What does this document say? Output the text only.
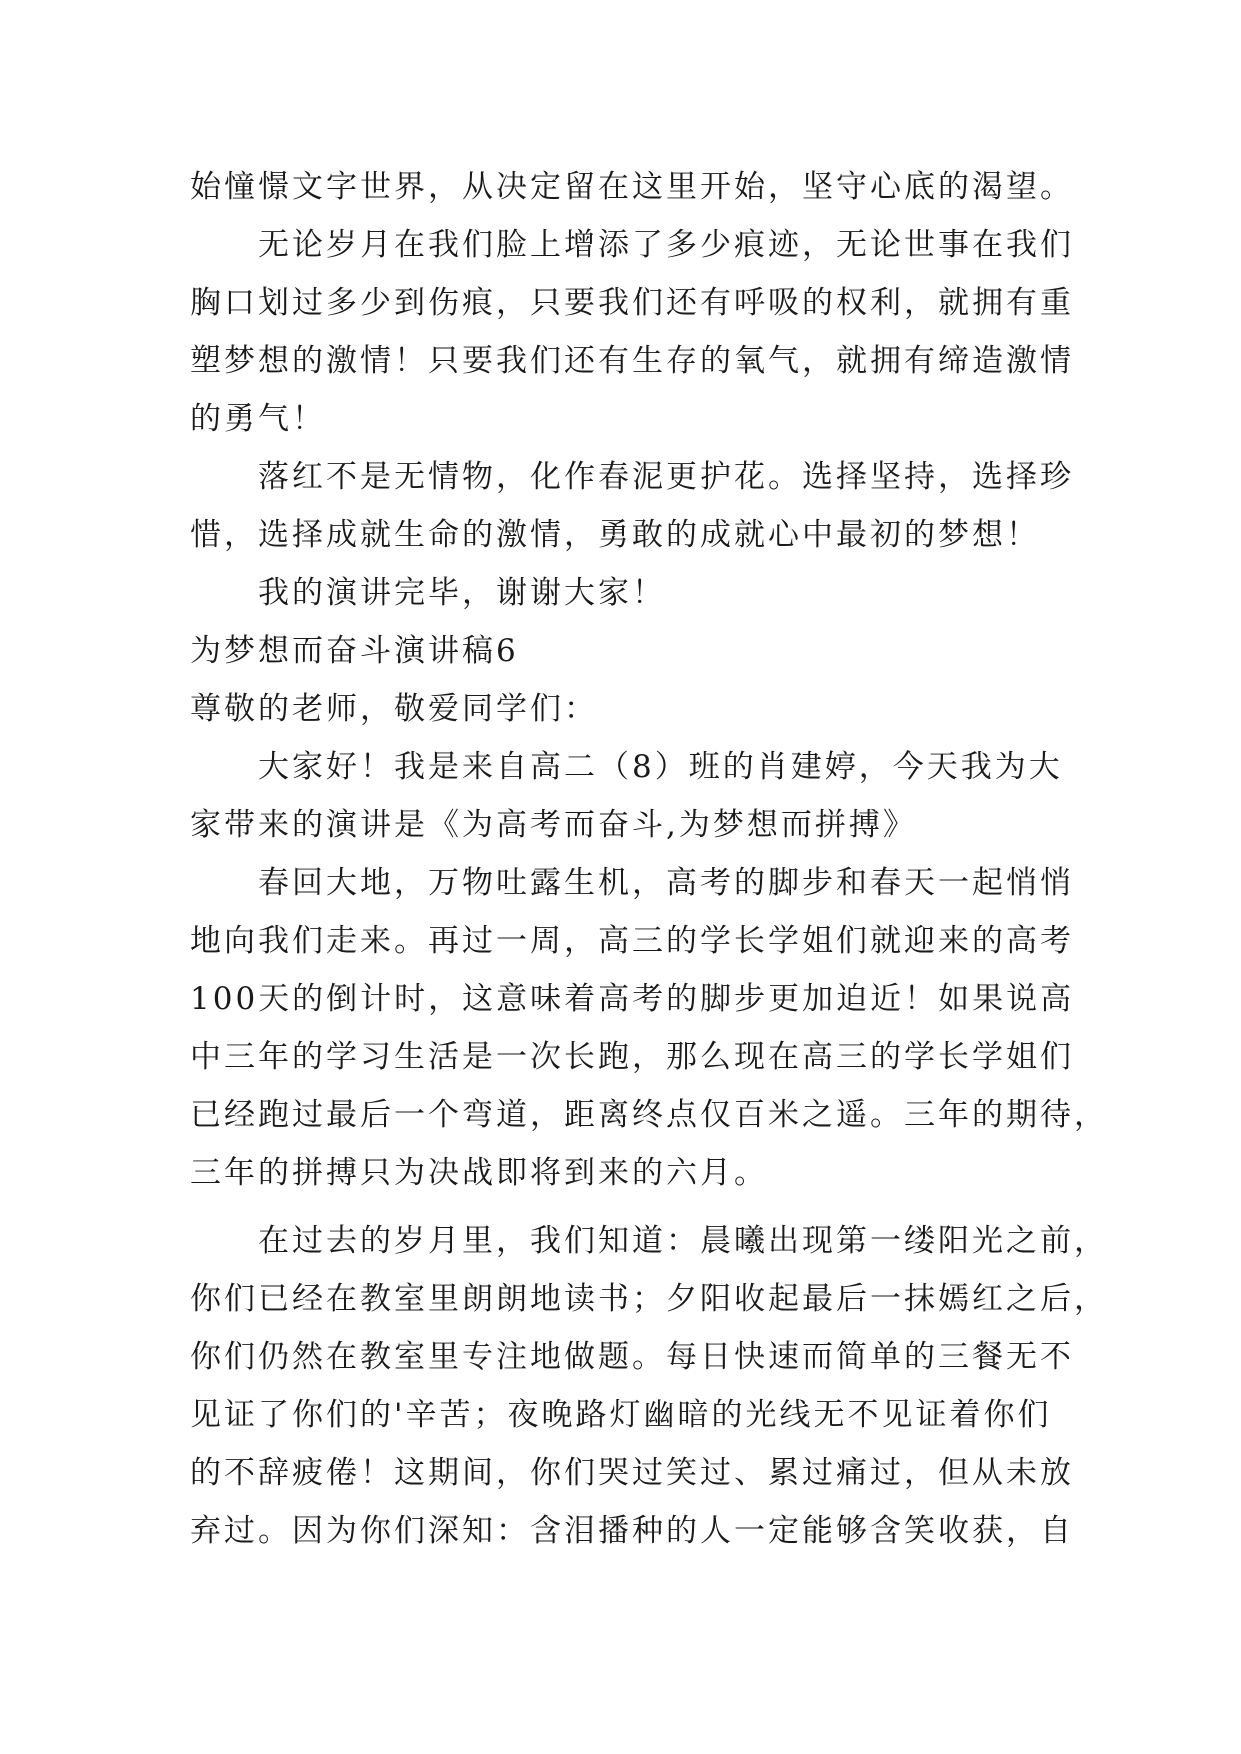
始憧憬文字世界，从决定留在这里开始，坚守心底的渴望。
无论岁月在我们脸上增添了多少痕迹，无论世事在我们
胸口划过多少到伤痕，只要我们还有呼吸的权利，就拥有重
塑梦想的激情！只要我们还有生存的氧气，就拥有缔造激情
的勇气！
落红不是无情物，化作春泥更护花。选择坚持，选择珍
惜，选择成就生命的激情，勇敢的成就心中最初的梦想！
我的演讲完毕，谢谢大家！
为梦想而奋斗演讲稿6
尊敬的老师，敬爱同学们：
大家好！我是来自高二（8）班的肖建婷，今天我为大
家带来的演讲是《为高考而奋斗,为梦想而拼搏》
春回大地，万物吐露生机，高考的脚步和春天一起悄悄
地向我们走来。再过一周，高三的学长学姐们就迎来的高考
100天的倒计时，这意味着高考的脚步更加迫近！如果说高
中三年的学习生活是一次长跑，那么现在高三的学长学姐们
已经跑过最后一个弯道，距离终点仅百米之遥。三年的期待，
三年的拼搏只为决战即将到来的六月。
在过去的岁月里，我们知道：晨曦出现第一缕阳光之前，
你们已经在教室里朗朗地读书；夕阳收起最后一抹嫣红之后，
你们仍然在教室里专注地做题。每日快速而简单的三餐无不
见证了你们的'辛苦；夜晚路灯幽暗的光线无不见证着你们
的不辞疲倦！这期间，你们哭过笑过、累过痛过，但从未放
弃过。因为你们深知：含泪播种的人一定能够含笑收获，自
